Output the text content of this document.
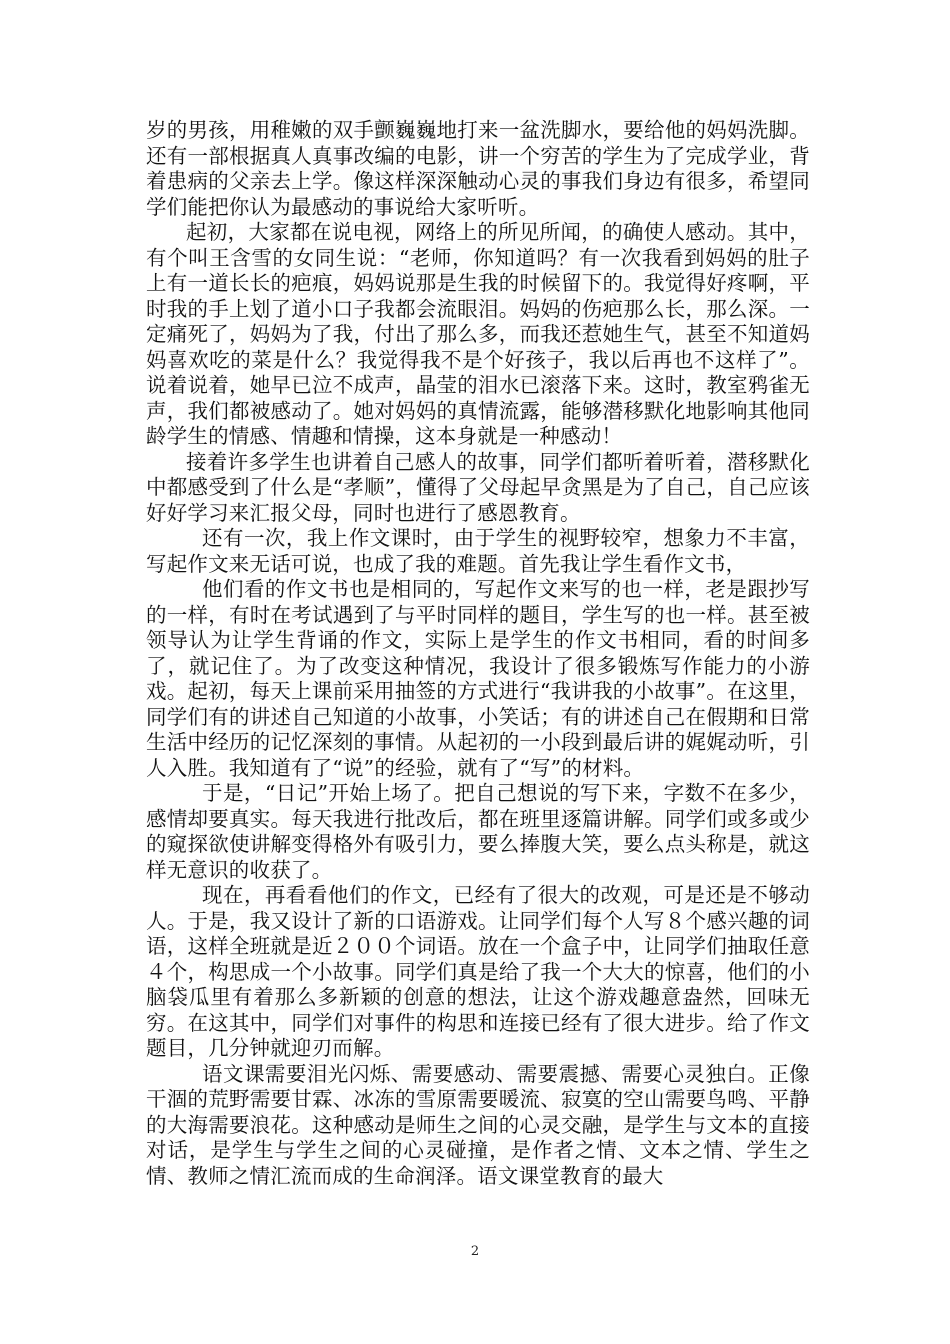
岁的男孩，用稚嫩的双手颤巍巍地打来一盆洗脚水，要给他的妈妈洗脚。还有一部根据真人真事改编的电影，讲一个穷苦的学生为了完成学业，背着患病的父亲去上学。像这样深深触动心灵的事我们身边有很多，希望同学们能把你认为最感动的事说给大家听听。

起初，大家都在说电视，网络上的所见所闻，的确使人感动。其中，有个叫王含雪的女同生说：“老师，你知道吗？有一次我看到妈妈的肚子上有一道长长的疤痕，妈妈说那是生我的时候留下的。我觉得好疼啊，平时我的手上划了道小口子我都会流眼泪。妈妈的伤疤那么长，那么深。一定痛死了，妈妈为了我，付出了那么多，而我还惹她生气，甚至不知道妈妈喜欢吃的菜是什么？我觉得我不是个好孩子，我以后再也不这样了”。说着说着，她早已泣不成声，晶莹的泪水已滚落下来。这时，教室鸦雀无声，我们都被感动了。她对妈妈的真情流露，能够潜移默化地影响其他同龄学生的情感、情趣和情操，这本身就是一种感动！

接着许多学生也讲着自己感人的故事，同学们都听着听着，潜移默化中都感受到了什么是“孝顺”，懂得了父母起早贪黑是为了自己，自己应该好好学习来汇报父母，同时也进行了感恩教育。

还有一次，我上作文课时，由于学生的视野较窄，想象力不丰富，写起作文来无话可说，也成了我的难题。首先我让学生看作文书，

他们看的作文书也是相同的，写起作文来写的也一样，老是跟抄写的一样，有时在考试遇到了与平时同样的题目，学生写的也一样。甚至被领导认为让学生背诵的作文，实际上是学生的作文书相同，看的时间多了，就记住了。为了改变这种情况，我设计了很多锻炼写作能力的小游戏。起初，每天上课前采用抽签的方式进行“我讲我的小故事”。在这里，同学们有的讲述自己知道的小故事，小笑话；有的讲述自己在假期和日常生活中经历的记忆深刻的事情。从起初的一小段到最后讲的娓娓动听，引人入胜。我知道有了“说”的经验，就有了“写”的材料。

于是，“日记”开始上场了。把自己想说的写下来，字数不在多少，感情却要真实。每天我进行批改后，都在班里逐篇讲解。同学们或多或少的窥探欲使讲解变得格外有吸引力，要么捧腹大笑，要么点头称是，就这样无意识的收获了。

现在，再看看他们的作文，已经有了很大的改观，可是还是不够动人。于是，我又设计了新的口语游戏。让同学们每个人写８个感兴趣的词语，这样全班就是近２００个词语。放在一个盒子中，让同学们抽取任意４个，构思成一个小故事。同学们真是给了我一个大大的惊喜，他们的小脑袋瓜里有着那么多新颖的创意的想法，让这个游戏趣意盎然，回味无穷。在这其中，同学们对事件的构思和连接已经有了很大进步。给了作文题目，几分钟就迎刃而解。

语文课需要泪光闪烁、需要感动、需要震撼、需要心灵独白。正像干涸的荒野需要甘霖、冰冻的雪原需要暖流、寂寞的空山需要鸟鸣、平静的大海需要浪花。这种感动是师生之间的心灵交融，是学生与文本的直接对话，是学生与学生之间的心灵碰撞，是作者之情、文本之情、学生之情、教师之情汇流而成的生命润泽。语文课堂教育的最大

2
